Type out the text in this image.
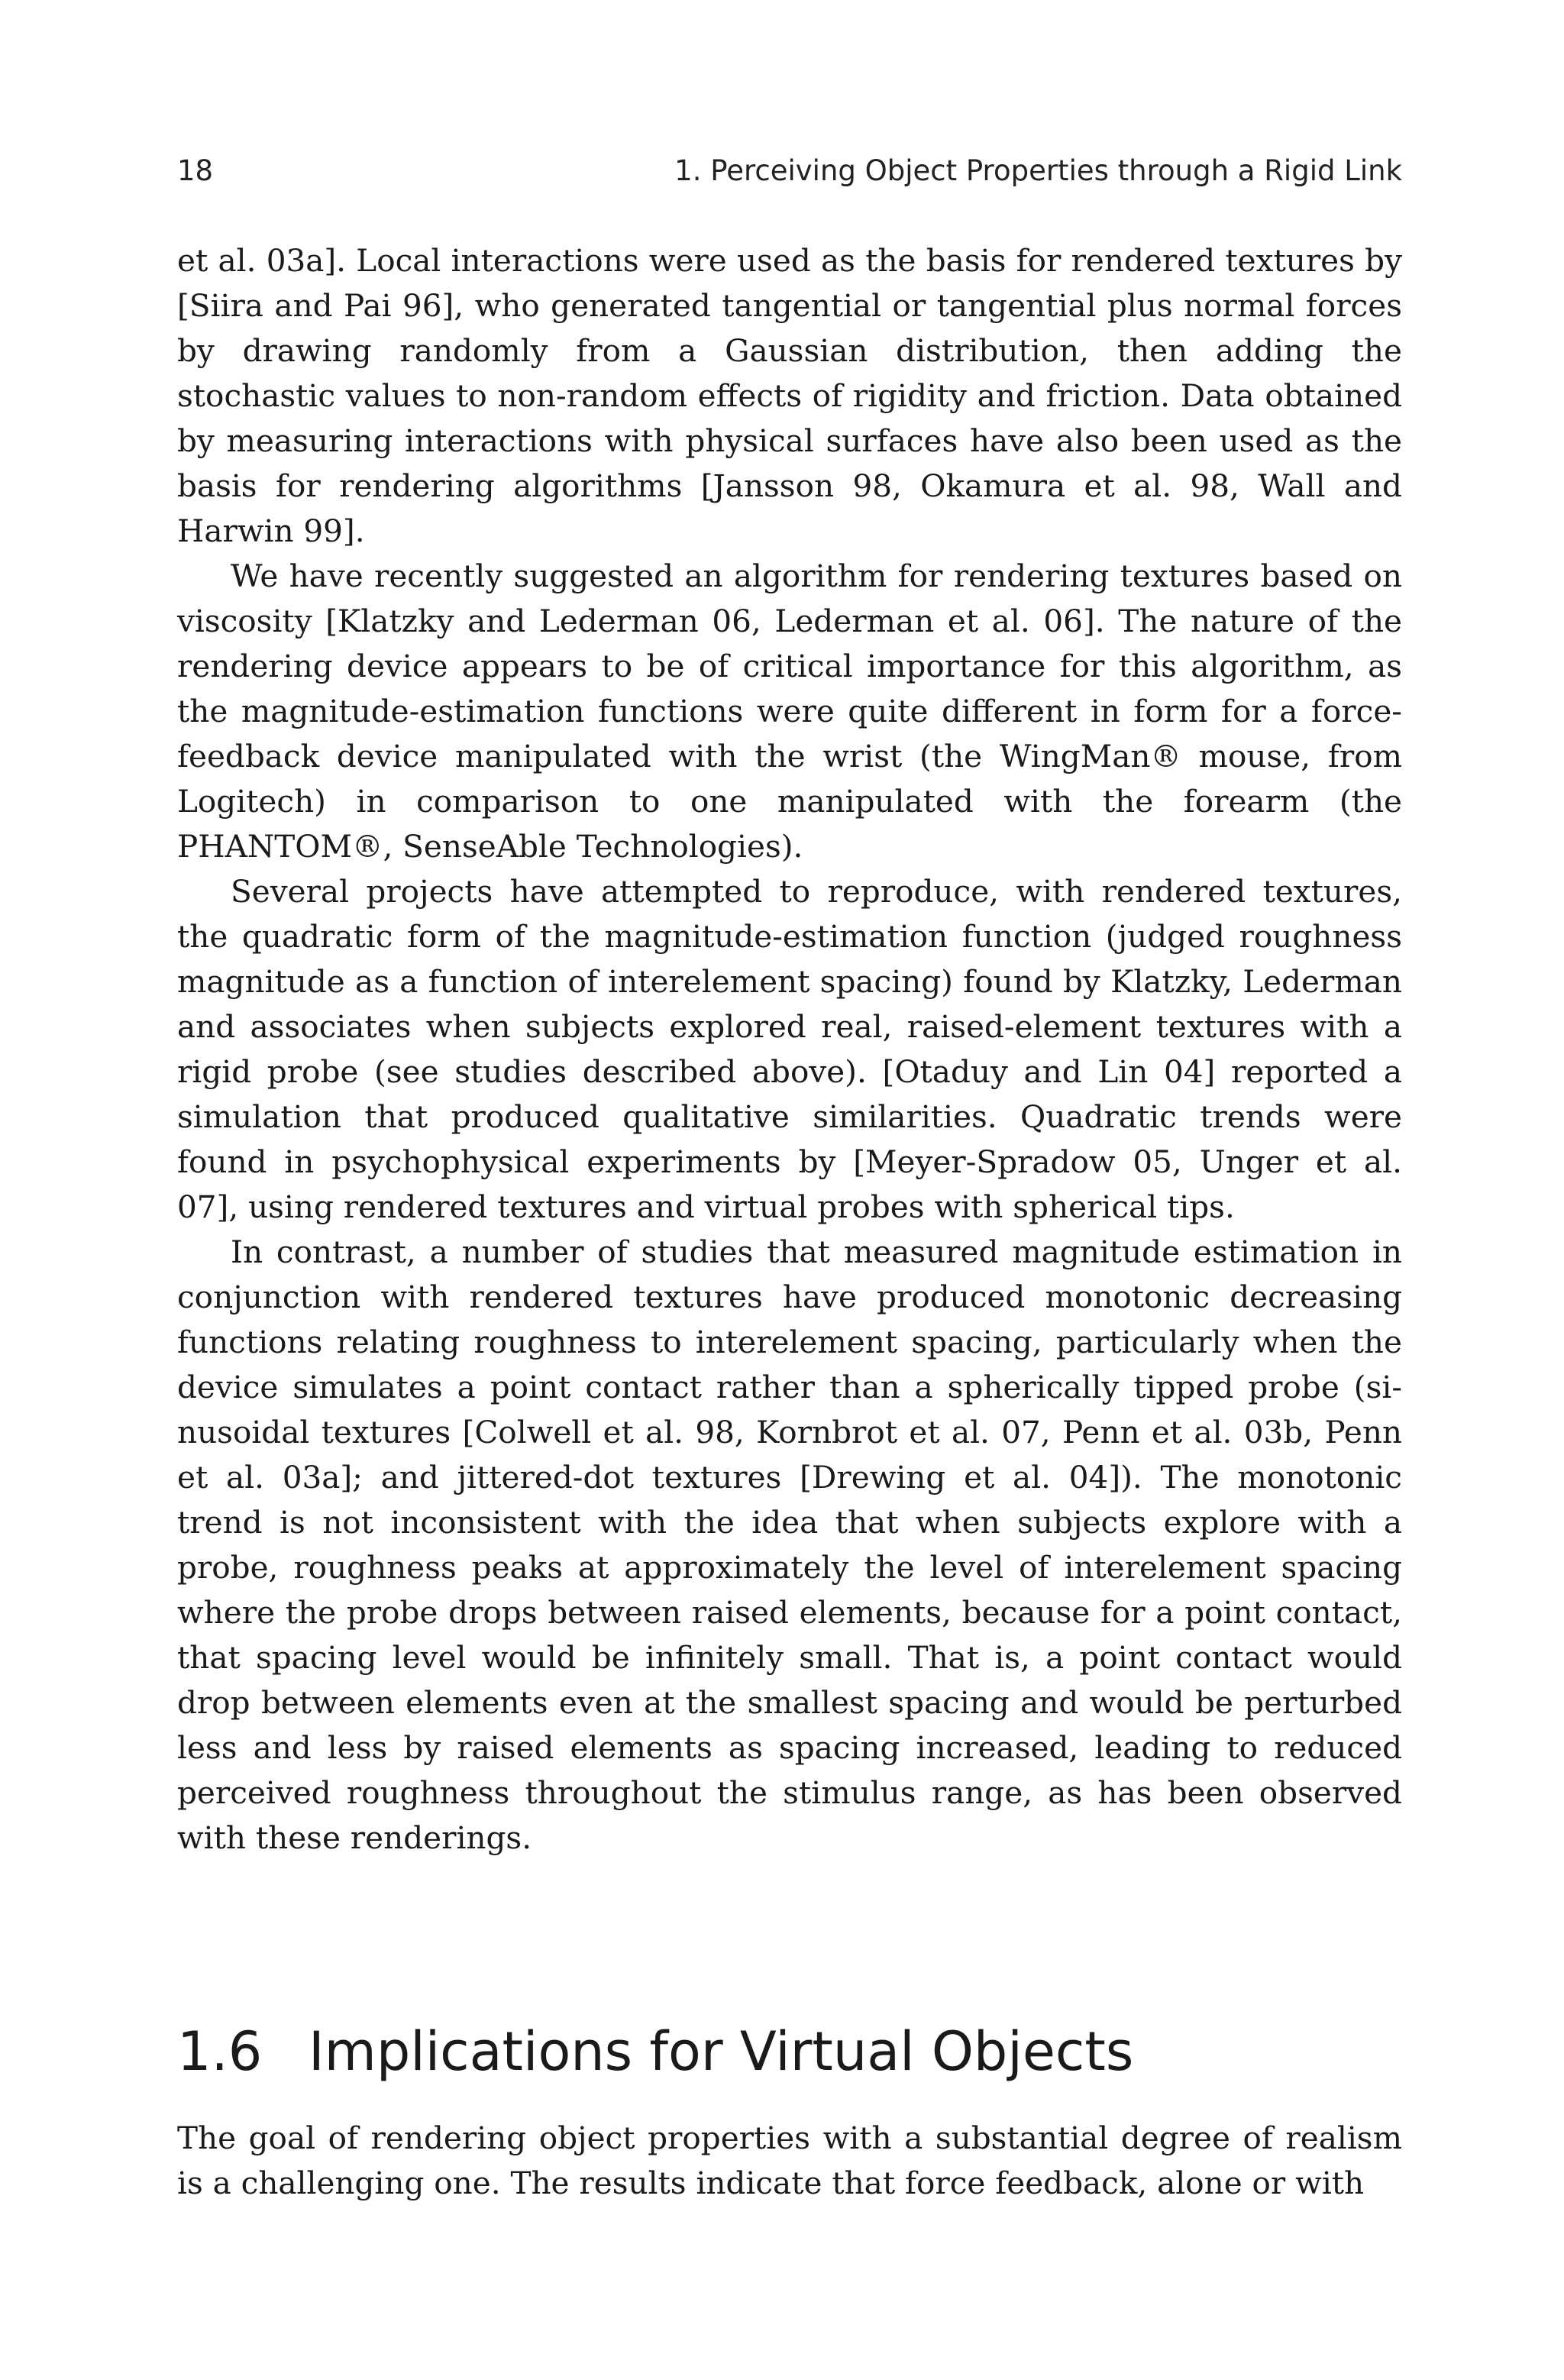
18	1. Perceiving Object Properties through a Rigid Link

et al. 03a]. Local interactions were used as the basis for rendered textures by [Siira and Pai 96], who generated tangential or tangential plus normal forces by drawing randomly from a Gaussian distribution, then adding the stochastic values to non-random effects of rigidity and friction. Data obtained by measuring interactions with physical surfaces have also been used as the basis for rendering algorithms [Jansson 98, Okamura et al. 98, Wall and Harwin 99].

We have recently suggested an algorithm for rendering textures based on viscosity [Klatzky and Lederman 06, Lederman et al. 06]. The nature of the rendering device appears to be of critical importance for this algorithm, as the magnitude-estimation functions were quite different in form for a force-feedback device manipulated with the wrist (the WingMan® mouse, from Logitech) in comparison to one manipulated with the forearm (the PHANTOM®, SenseAble Technologies).

Several projects have attempted to reproduce, with rendered textures, the quadratic form of the magnitude-estimation function (judged roughness magnitude as a function of interelement spacing) found by Klatzky, Lederman and associates when subjects explored real, raised-element textures with a rigid probe (see studies described above). [Otaduy and Lin 04] reported a simulation that produced qualitative similarities. Quadratic trends were found in psychophysical experiments by [Meyer-Spradow 05, Unger et al. 07], using rendered textures and virtual probes with spherical tips.

In contrast, a number of studies that measured magnitude estimation in conjunction with rendered textures have produced monotonic decreasing functions relating roughness to interelement spacing, particularly when the device simulates a point contact rather than a spherically tipped probe (sinusoidal textures [Colwell et al. 98, Kornbrot et al. 07, Penn et al. 03b, Penn et al. 03a]; and jittered-dot textures [Drewing et al. 04]). The monotonic trend is not inconsistent with the idea that when subjects explore with a probe, roughness peaks at approximately the level of interelement spacing where the probe drops between raised elements, because for a point contact, that spacing level would be infinitely small. That is, a point contact would drop between elements even at the smallest spacing and would be perturbed less and less by raised elements as spacing increased, leading to reduced perceived roughness throughout the stimulus range, as has been observed with these renderings.

1.6 Implications for Virtual Objects

The goal of rendering object properties with a substantial degree of realism is a challenging one. The results indicate that force feedback, alone or with
